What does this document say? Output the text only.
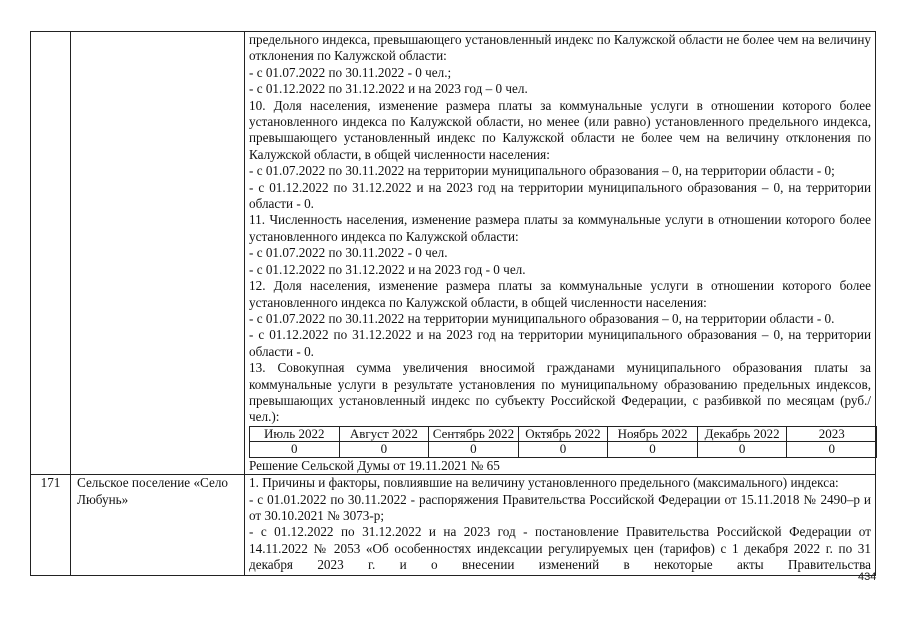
предельного индекса, превышающего установленный индекс по Калужской области не более чем на величину отклонения по Калужской области:

- с 01.07.2022 по 30.11.2022 - 0 чел.;

- с 01.12.2022 по 31.12.2022 и на 2023 год – 0 чел.

10. Доля населения, изменение размера платы за коммунальные услуги в отношении которого более установленного индекса по Калужской области, но менее (или равно) установленного предельного индекса, превышающего установленный индекс по Калужской области не более чем на величину отклонения по Калужской области, в общей численности населения:

- с 01.07.2022 по 30.11.2022 на территории муниципального образования – 0, на территории области - 0;

- с 01.12.2022 по 31.12.2022 и на 2023 год на территории муниципального образования – 0, на территории области - 0.

11. Численность населения, изменение размера платы за коммунальные услуги в отношении которого более установленного индекса по Калужской области:

- с 01.07.2022 по 30.11.2022 - 0 чел.

- с 01.12.2022 по 31.12.2022 и на 2023 год - 0 чел.

12. Доля населения, изменение размера платы за коммунальные услуги в отношении которого более установленного индекса по Калужской области, в общей численности населения:

- с 01.07.2022 по 30.11.2022 на территории муниципального образования – 0, на территории области - 0.

- с 01.12.2022 по 31.12.2022 и на 2023 год на территории муниципального образования – 0, на территории области - 0.

13. Совокупная сумма увеличения вносимой гражданами муниципального образования платы за коммунальные услуги в результате установления по муниципальному образованию предельных индексов, превышающих установленный индекс по субъекту Российской Федерации, с разбивкой по месяцам (руб./чел.):

Июль 2022	Август 2022	Сентябрь 2022	Октябрь 2022	Ноябрь 2022	Декабрь 2022	2023
0	0	0	0	0	0	0

Решение Сельской Думы от 19.11.2021 № 65

171	Сельское поселение «Село Любунь»	

1. Причины и факторы, повлиявшие на величину установленного предельного (максимального) индекса:

- с 01.01.2022 по 30.11.2022 - распоряжения Правительства Российской Федерации от 15.11.2018 № 2490–р и от 30.10.2021 № 3073-р;

- с 01.12.2022 по 31.12.2022 и на 2023 год - постановление Правительства Российской Федерации от 14.11.2022 № 2053 «Об особенностях индексации регулируемых цен (тарифов) с 1 декабря 2022 г. по 31 декабря 2023 г. и о внесении изменений в некоторые акты Правительства

434
